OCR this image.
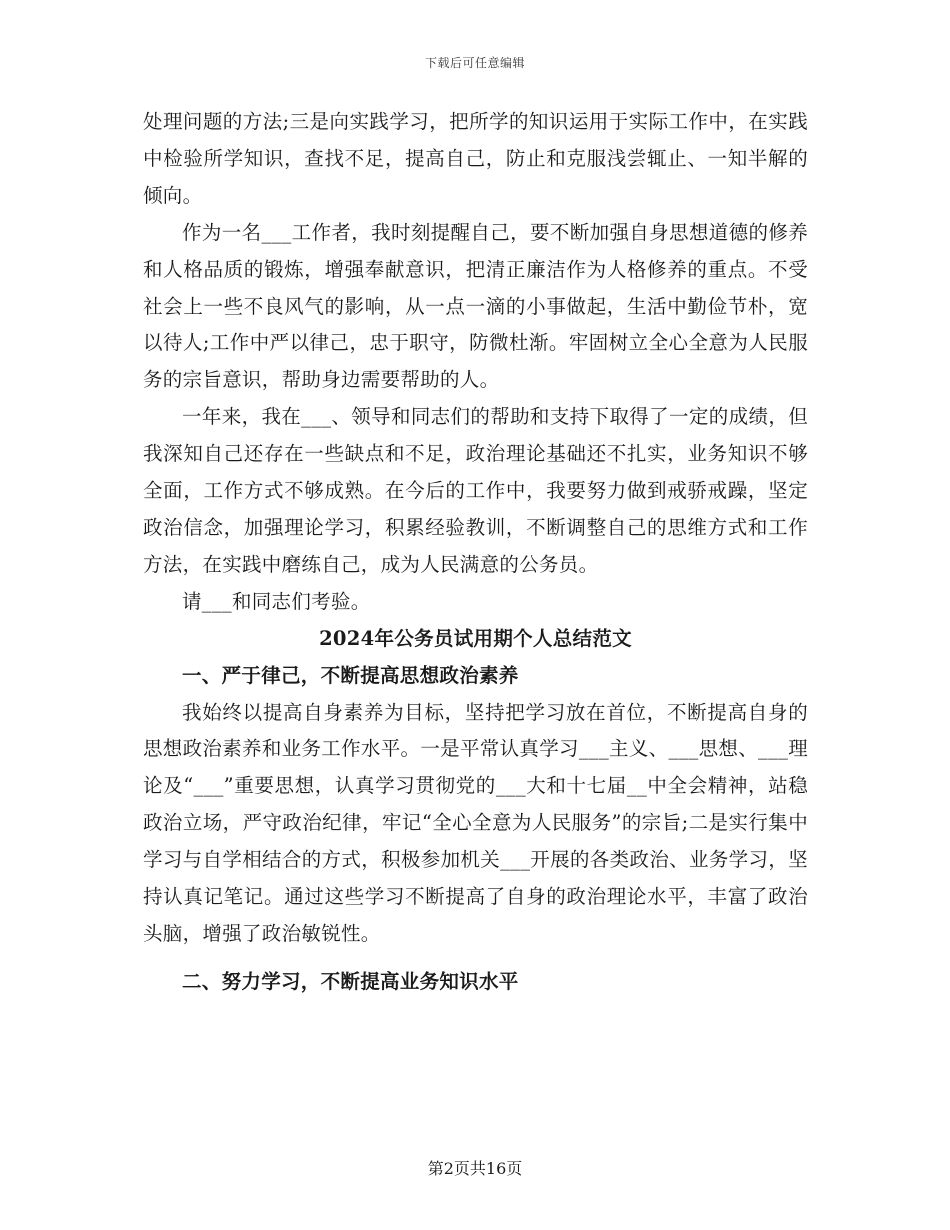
下载后可任意编辑

处理问题的方法;三是向实践学习，把所学的知识运用于实际工作中，在实践中检验所学知识，查找不足，提高自己，防止和克服浅尝辄止、一知半解的倾向。

作为一名___工作者，我时刻提醒自己，要不断加强自身思想道德的修养和人格品质的锻炼，增强奉献意识，把清正廉洁作为人格修养的重点。不受社会上一些不良风气的影响，从一点一滴的小事做起，生活中勤俭节朴，宽以待人;工作中严以律己，忠于职守，防微杜渐。牢固树立全心全意为人民服务的宗旨意识，帮助身边需要帮助的人。

一年来，我在___、领导和同志们的帮助和支持下取得了一定的成绩，但我深知自己还存在一些缺点和不足，政治理论基础还不扎实，业务知识不够全面，工作方式不够成熟。在今后的工作中，我要努力做到戒骄戒躁，坚定政治信念，加强理论学习，积累经验教训，不断调整自己的思维方式和工作方法，在实践中磨练自己，成为人民满意的公务员。

请___和同志们考验。

2024年公务员试用期个人总结范文
一、严于律己，不断提高思想政治素养

我始终以提高自身素养为目标，坚持把学习放在首位，不断提高自身的思想政治素养和业务工作水平。一是平常认真学习___主义、___思想、___理论及“___”重要思想，认真学习贯彻党的___大和十七届__中全会精神，站稳政治立场，严守政治纪律，牢记“全心全意为人民服务”的宗旨;二是实行集中学习与自学相结合的方式，积极参加机关___开展的各类政治、业务学习，坚持认真记笔记。通过这些学习不断提高了自身的政治理论水平，丰富了政治头脑，增强了政治敏锐性。

二、努力学习，不断提高业务知识水平
第2页共16页
